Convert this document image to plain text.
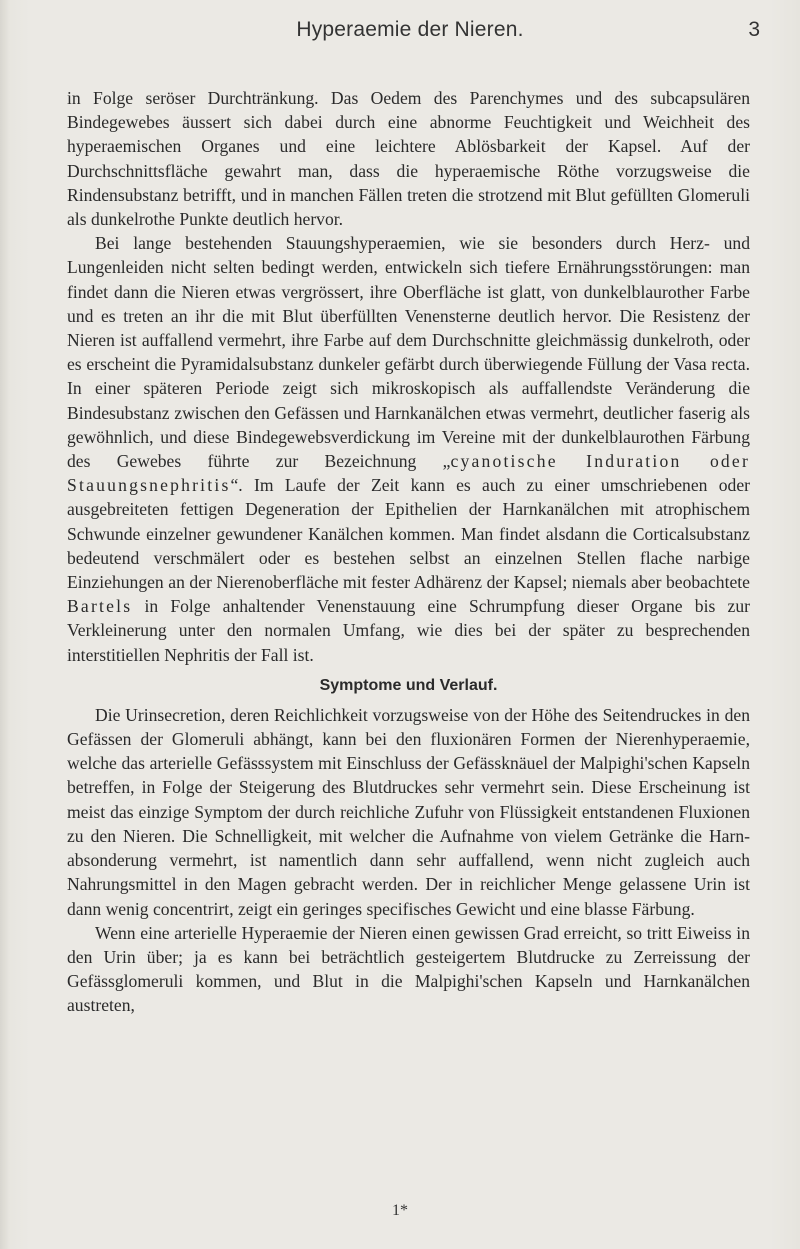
Hyperaemie der Nieren.	3

in Folge seröser Durchtränkung. Das Oedem des Parenchymes und des subcapsulären Bindegewebes äussert sich dabei durch eine abnorme Feuchtigkeit und Weichheit des hyperaemischen Organes und eine leichtere Ablösbarkeit der Kapsel. Auf der Durchschnittsfläche gewahrt man, dass die hyperaemische Röthe vorzugsweise die Rindensubstanz betrifft, und in manchen Fällen treten die strotzend mit Blut gefüllten Glomeruli als dunkelrothe Punkte deutlich hervor.

Bei lange bestehenden Stauungshyperaemien, wie sie besonders durch Herz- und Lungenleiden nicht selten bedingt werden, entwickeln sich tiefere Ernährungsstörungen: man findet dann die Nieren etwas vergrössert, ihre Oberfläche ist glatt, von dunkelblaurother Farbe und es treten an ihr die mit Blut überfüllten Venensterne deutlich hervor. Die Resistenz der Nieren ist auffallend vermehrt, ihre Farbe auf dem Durchschnitte gleichmässig dunkelroth, oder es erscheint die Pyramidalsubstanz dunkeler gefärbt durch überwiegende Füllung der Vasa recta. In einer späteren Periode zeigt sich mikroskopisch als auffallendste Veränderung die Bindesubstanz zwischen den Gefässen und Harnkanälchen etwas vermehrt, deutlicher faserig als gewöhnlich, und diese Bindegewebsverdickung im Vereine mit der dunkelblaurothen Färbung des Gewebes führte zur Bezeichnung „cyanotische Induration oder Stauungsnephritis“. Im Laufe der Zeit kann es auch zu einer umschriebenen oder ausgebreiteten fettigen Degeneration der Epithelien der Harnkanälchen mit atrophischem Schwunde einzelner gewundener Kanälchen kommen. Man findet alsdann die Corticalsubstanz bedeutend verschmälert oder es bestehen selbst an einzelnen Stellen flache narbige Einziehungen an der Nierenoberfläche mit fester Adhärenz der Kapsel; niemals aber beobachtete Bartels in Folge anhaltender Venenstauung eine Schrumpfung dieser Organe bis zur Verkleinerung unter den normalen Umfang, wie dies bei der später zu besprechenden interstitiellen Nephritis der Fall ist.

Symptome und Verlauf.

Die Urinsecretion, deren Reichlichkeit vorzugsweise von der Höhe des Seitendruckes in den Gefässen der Glomeruli abhängt, kann bei den fluxionären Formen der Nierenhyperaemie, welche das arterielle Gefässsystem mit Einschluss der Gefässknäuel der Malpighi'schen Kapseln betreffen, in Folge der Steigerung des Blutdruckes sehr vermehrt sein. Diese Erscheinung ist meist das einzige Symptom der durch reichliche Zufuhr von Flüssigkeit entstandenen Fluxionen zu den Nieren. Die Schnelligkeit, mit welcher die Aufnahme von vielem Getränke die Harnabsonderung vermehrt, ist namentlich dann sehr auffallend, wenn nicht zugleich auch Nahrungsmittel in den Magen gebracht werden. Der in reichlicher Menge gelassene Urin ist dann wenig concentrirt, zeigt ein geringes specifisches Gewicht und eine blasse Färbung.

Wenn eine arterielle Hyperaemie der Nieren einen gewissen Grad erreicht, so tritt Eiweiss in den Urin über; ja es kann bei beträchtlich gesteigertem Blutdrucke zu Zerreissung der Gefässglomeruli kommen, und Blut in die Malpighi'schen Kapseln und Harnkanälchen austreten,

1*
